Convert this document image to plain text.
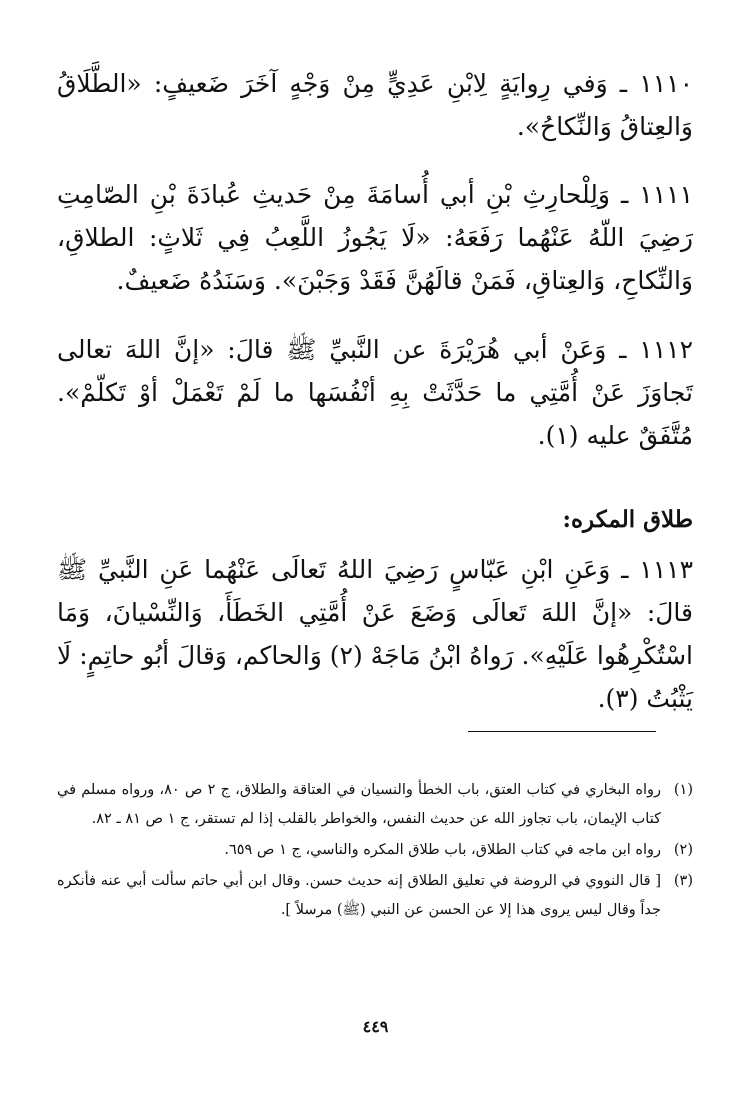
١١١٠ ـ وَفي رِوايَةٍ لِابْنِ عَدِيٍّ مِنْ وَجْهٍ آخَرَ ضَعيفٍ: «الطَّلَاقُ وَالعِتاقُ وَالنِّكاحُ».

١١١١ ـ وَلِلْحارِثِ بْنِ أبي أُسامَةَ مِنْ حَديثِ عُبادَةَ بْنِ الصّامِتِ رَضِيَ اللّهُ عَنْهُما رَفَعَهُ: «لَا يَجُوزُ اللَّعِبُ فِي ثَلاثٍ: الطلاقِ، وَالنِّكاحِ، وَالعِتاقِ، فَمَنْ قالَهُنَّ فَقَدْ وَجَبْنَ». وَسَنَدُهُ ضَعيفٌ.

١١١٢ ـ وَعَنْ أبي هُرَيْرَةَ عن النَّبيِّ ﷺ قالَ: «إنَّ اللهَ تعالى تَجاوَزَ عَنْ أُمَّتِي ما حَدَّثَتْ بِهِ أنْفُسَها ما لَمْ تَعْمَلْ أوْ تَكلّمْ». مُتَّفَقٌ عليه (١).

طلاق المكره:

١١١٣ ـ وَعَنِ ابْنِ عَبّاسٍ رَضِيَ اللهُ تَعالَى عَنْهُما عَنِ النَّبيِّ ﷺ قالَ: «إنَّ اللهَ تَعالَى وَضَعَ عَنْ أُمَّتِي الخَطَأَ، وَالنِّسْيانَ، وَمَا اسْتُكْرِهُوا عَلَيْهِ». رَواهُ ابْنُ مَاجَهْ (٢) وَالحاكم، وَقالَ أبُو حاتِمٍ: لَا يَثْبُتُ (٣).

(١)
رواه البخاري في كتاب العتق، باب الخطأ والنسيان في العتاقة والطلاق، ج ٢ ص ٨٠، ورواه مسلم في كتاب الإيمان، باب تجاوز الله عن حديث النفس، والخواطر بالقلب إذا لم تستقر، ج ١ ص ٨١ ـ ٨٢.
(٢)
رواه ابن ماجه في كتاب الطلاق، باب طلاق المكره والناسي، ج ١ ص ٦٥٩.
(٣)
[ قال النووي في الروضة في تعليق الطلاق إنه حديث حسن. وقال ابن أبي حاتم سألت أبي عنه فأنكره جداً وقال ليس يروى هذا إلا عن الحسن عن النبي (ﷺ) مرسلاً ].
٤٤٩
